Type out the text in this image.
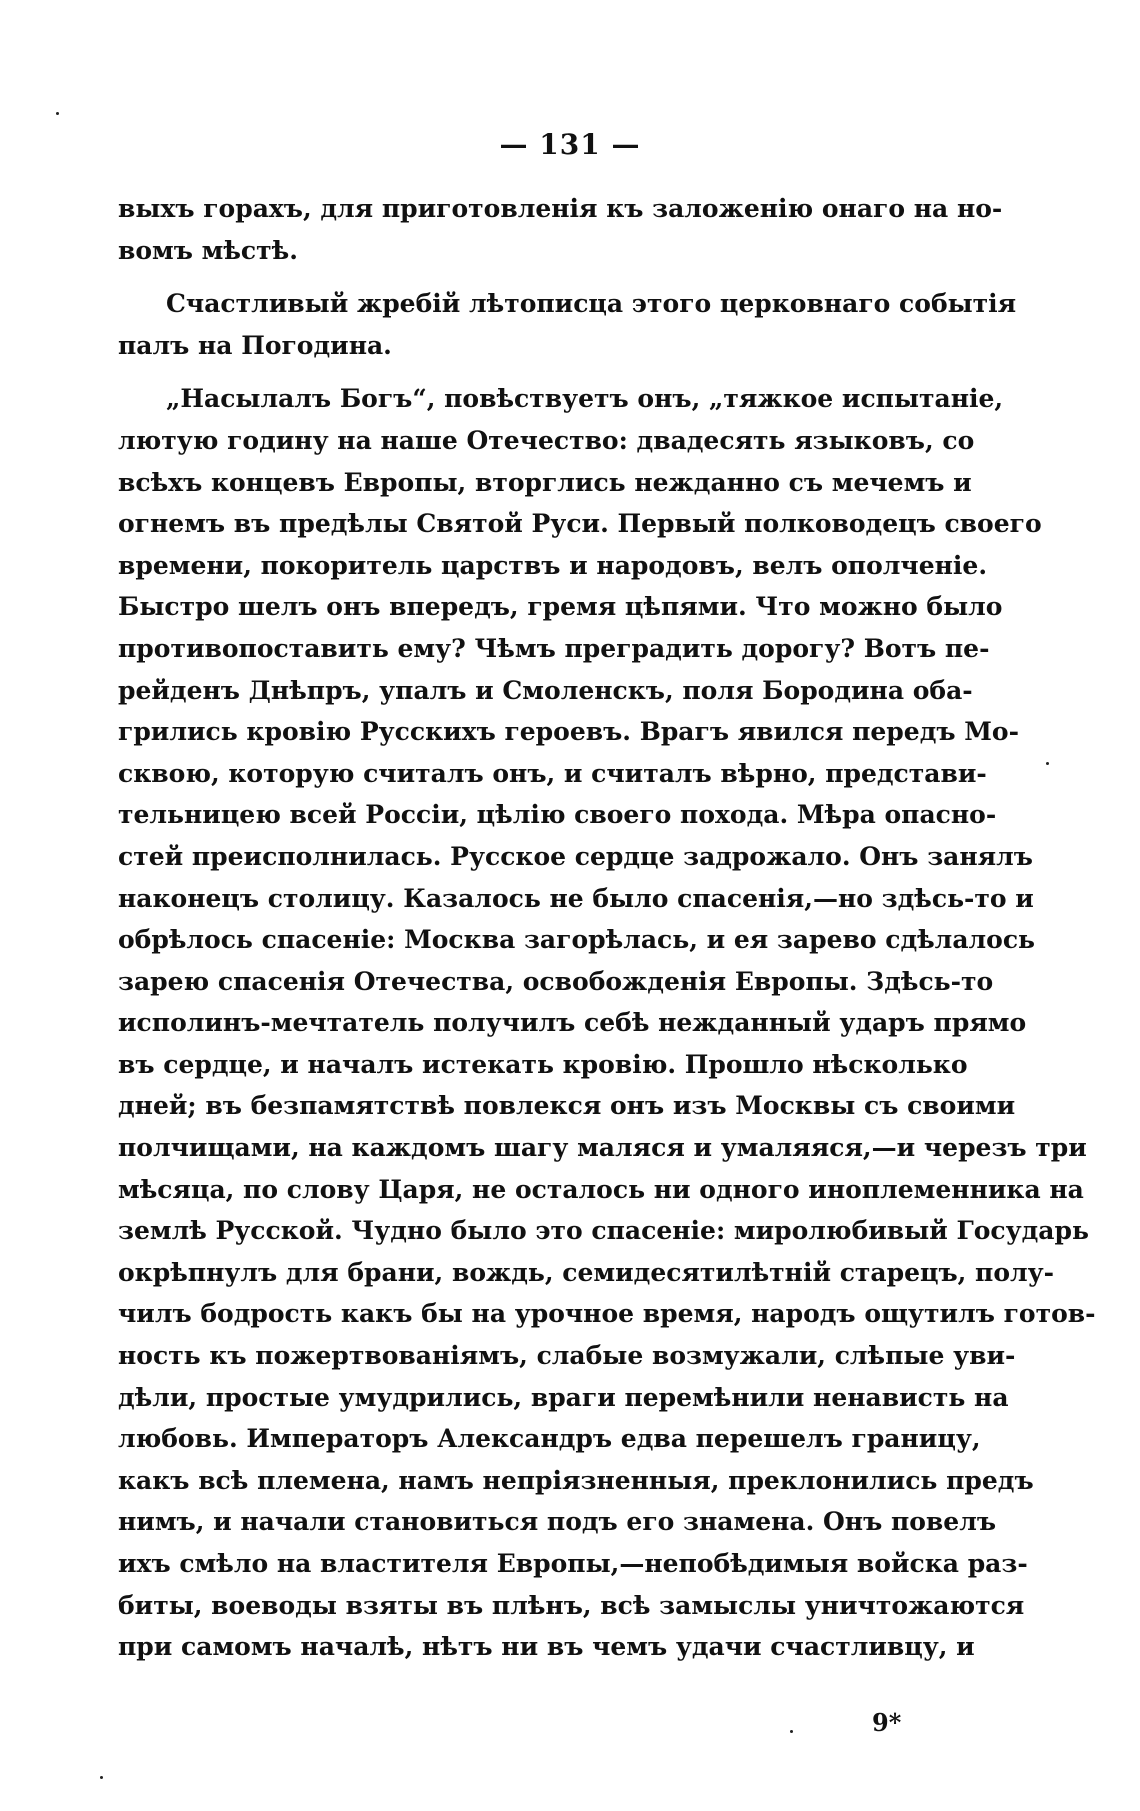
— 131 —
выхъ горахъ, для приготовленія къ заложенію онаго на но-
вомъ мѣстѣ.
Счастливый жребій лѣтописца этого церковнаго событія
палъ на Погодина.
„Насылалъ Богъ“, повѣствуетъ онъ, „тяжкое испытаніе,
лютую годину на наше Отечество: двадесять языковъ, со
всѣхъ концевъ Европы, вторглись нежданно съ мечемъ и
огнемъ въ предѣлы Святой Руси. Первый полководецъ своего
времени, покоритель царствъ и народовъ, велъ ополченіе.
Быстро шелъ онъ впередъ, гремя цѣпями. Что можно было
противопоставить ему? Чѣмъ преградить дорогу? Вотъ пе-
рейденъ Днѣпръ, упалъ и Смоленскъ, поля Бородина оба-
грились кровію Русскихъ героевъ. Врагъ явился передъ Мо-
сквою, которую считалъ онъ, и считалъ вѣрно, представи-
тельницею всей Россіи, цѣлію своего похода. Мѣра опасно-
стей преисполнилась. Русское сердце задрожало. Онъ занялъ
наконецъ столицу. Казалось не было спасенія,—но здѣсь-то и
обрѣлось спасеніе: Москва загорѣлась, и ея зарево сдѣлалось
зарею спасенія Отечества, освобожденія Европы. Здѣсь-то
исполинъ-мечтатель получилъ себѣ нежданный ударъ прямо
въ сердце, и началъ истекать кровію. Прошло нѣсколько
дней; въ безпамятствѣ повлекся онъ изъ Москвы съ своими
полчищами, на каждомъ шагу маляся и умаляяся,—и черезъ три
мѣсяца, по слову Царя, не осталось ни одного иноплеменника на
землѣ Русской. Чудно было это спасеніе: миролюбивый Государь
окрѣпнулъ для брани, вождь, семидесятилѣтній старецъ, полу-
чилъ бодрость какъ бы на урочное время, народъ ощутилъ готов-
ность къ пожертвованіямъ, слабые возмужали, слѣпые уви-
дѣли, простые умудрились, враги перемѣнили ненависть на
любовь. Императоръ Александръ едва перешелъ границу,
какъ всѣ племена, намъ непріязненныя, преклонились предъ
нимъ, и начали становиться подъ его знамена. Онъ повелъ
ихъ смѣло на властителя Европы,—непобѣдимыя войска раз-
биты, воеводы взяты въ плѣнъ, всѣ замыслы уничтожаются
при самомъ началѣ, нѣтъ ни въ чемъ удачи счастливцу, и
9*
